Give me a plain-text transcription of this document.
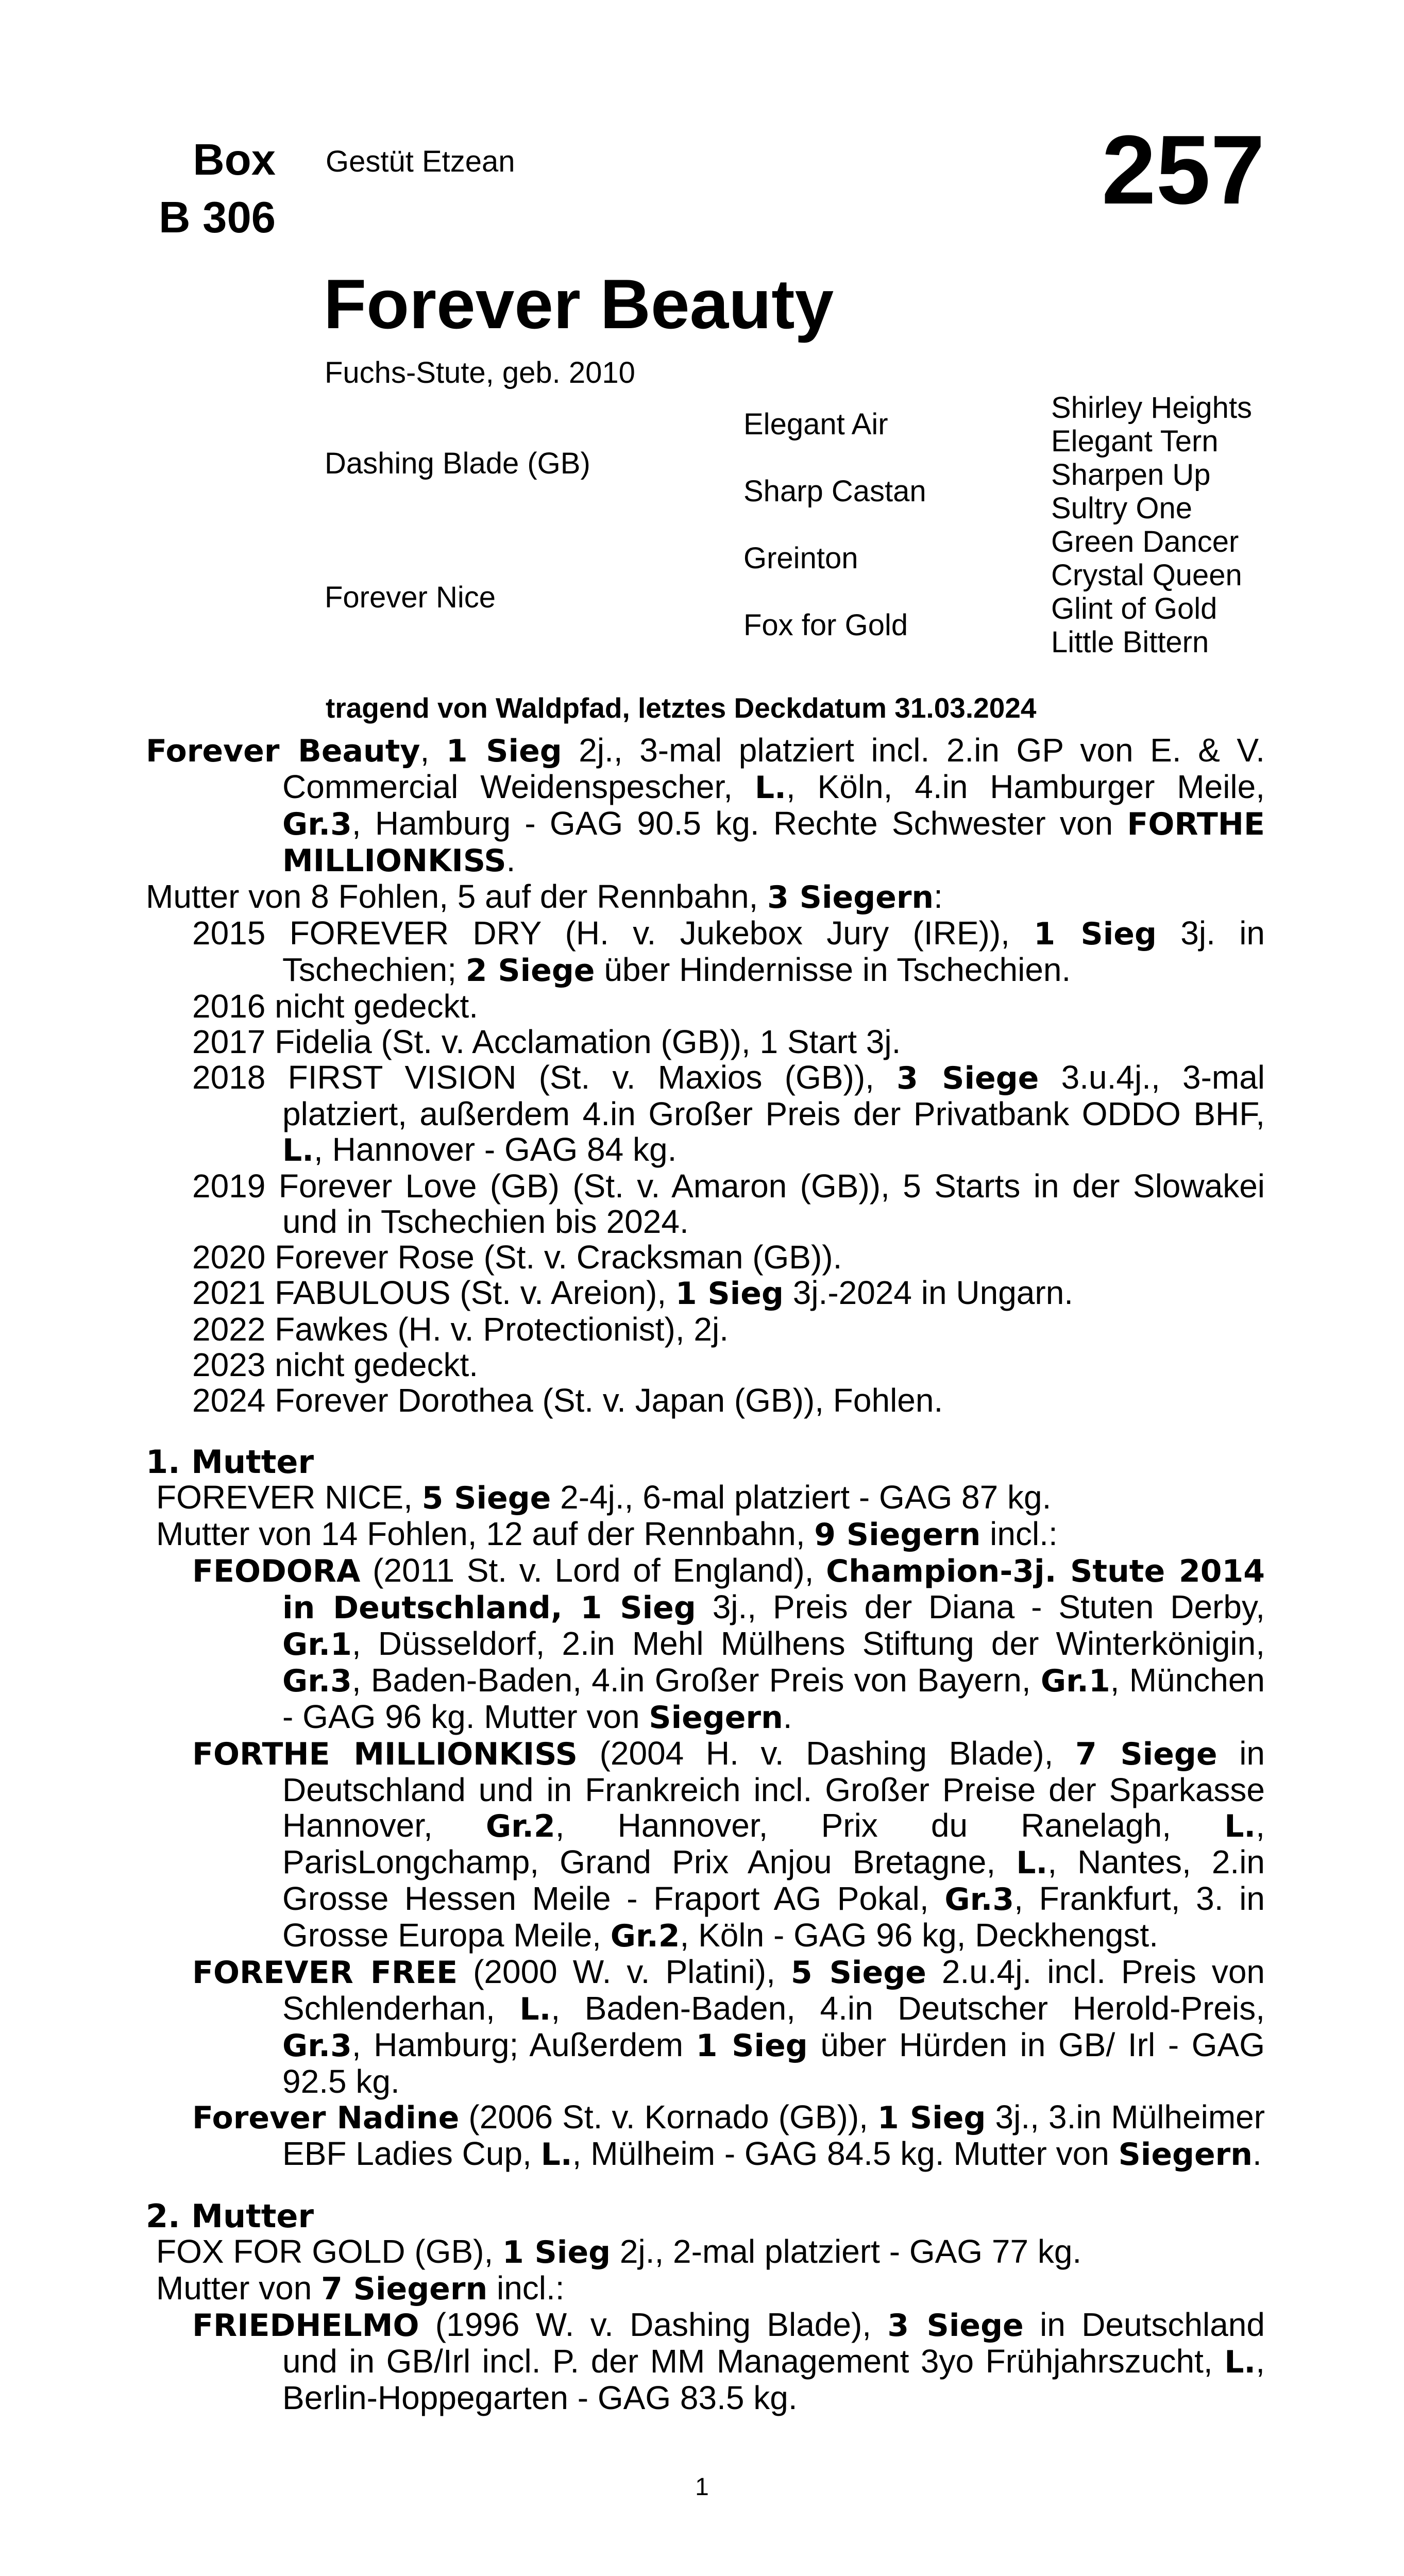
Box
B 306
Gestüt Etzean	257
Forever Beauty
Fuchs-Stute, geb. 2010
Dashing Blade (GB)
Forever Nice
Elegant Air
Sharp Castan
Greinton
Fox for Gold
Shirley Heights
Elegant Tern
Sharpen Up
Sultry One
Green Dancer
Crystal Queen
Glint of Gold
Little Bittern
tragend von Waldpfad, letztes Deckdatum 31.03.2024

Forever Beauty, 1 Sieg 2j., 3-mal platziert incl. 2.in GP von E. & V. Commercial Weidenspescher, L., Köln, 4.in Hamburger Meile, Gr.3, Hamburg - GAG 90.5 kg. Rechte Schwester von FORTHE MILLIONKISS.

Mutter von 8 Fohlen, 5 auf der Rennbahn, 3 Siegern:

2015 FOREVER DRY (H. v. Jukebox Jury (IRE)), 1 Sieg 3j. in Tschechien; 2 Siege über Hindernisse in Tschechien.

2016 nicht gedeckt.

2017 Fidelia (St. v. Acclamation (GB)), 1 Start 3j.

2018 FIRST VISION (St. v. Maxios (GB)), 3 Siege 3.u.4j., 3-mal platziert, außerdem 4.in Großer Preis der Privatbank ODDO BHF, L., Hannover - GAG 84 kg.

2019 Forever Love (GB) (St. v. Amaron (GB)), 5 Starts in der Slowakei und in Tschechien bis 2024.

2020 Forever Rose (St. v. Cracksman (GB)).

2021 FABULOUS (St. v. Areion), 1 Sieg 3j.-2024 in Ungarn.

2022 Fawkes (H. v. Protectionist), 2j.

2023 nicht gedeckt.

2024 Forever Dorothea (St. v. Japan (GB)), Fohlen.

1. Mutter

FOREVER NICE, 5 Siege 2-4j., 6-mal platziert - GAG 87 kg.

Mutter von 14 Fohlen, 12 auf der Rennbahn, 9 Siegern incl.:

FEODORA (2011 St. v. Lord of England), Champion-3j. Stute 2014 in Deutschland, 1 Sieg 3j., Preis der Diana - Stuten Derby, Gr.1, Düsseldorf, 2.in Mehl Mülhens Stiftung der Winterkönigin, Gr.3, Baden-Baden, 4.in Großer Preis von Bayern, Gr.1, München - GAG 96 kg. Mutter von Siegern.

FORTHE MILLIONKISS (2004 H. v. Dashing Blade), 7 Siege in Deutschland und in Frankreich incl. Großer Preise der Sparkasse Hannover, Gr.2, Hannover, Prix du Ranelagh, L., ParisLongchamp, Grand Prix Anjou Bretagne, L., Nantes, 2.in Grosse Hessen Meile - Fraport AG Pokal, Gr.3, Frankfurt, 3. in Grosse Europa Meile, Gr.2, Köln - GAG 96 kg, Deckhengst.

FOREVER FREE (2000 W. v. Platini), 5 Siege 2.u.4j. incl. Preis von Schlenderhan, L., Baden-Baden, 4.in Deutscher Herold-Preis, Gr.3, Hamburg; Außerdem 1 Sieg über Hürden in GB/ Irl - GAG 92.5 kg.

Forever Nadine (2006 St. v. Kornado (GB)), 1 Sieg 3j., 3.in Mülheimer EBF Ladies Cup, L., Mülheim - GAG 84.5 kg. Mutter von Siegern.

2. Mutter

FOX FOR GOLD (GB), 1 Sieg 2j., 2-mal platziert - GAG 77 kg.

Mutter von 7 Siegern incl.:

FRIEDHELMO (1996 W. v. Dashing Blade), 3 Siege in Deutschland und in GB/Irl incl. P. der MM Management 3yo Frühjahrszucht, L., Berlin-Hoppegarten - GAG 83.5 kg.

1
